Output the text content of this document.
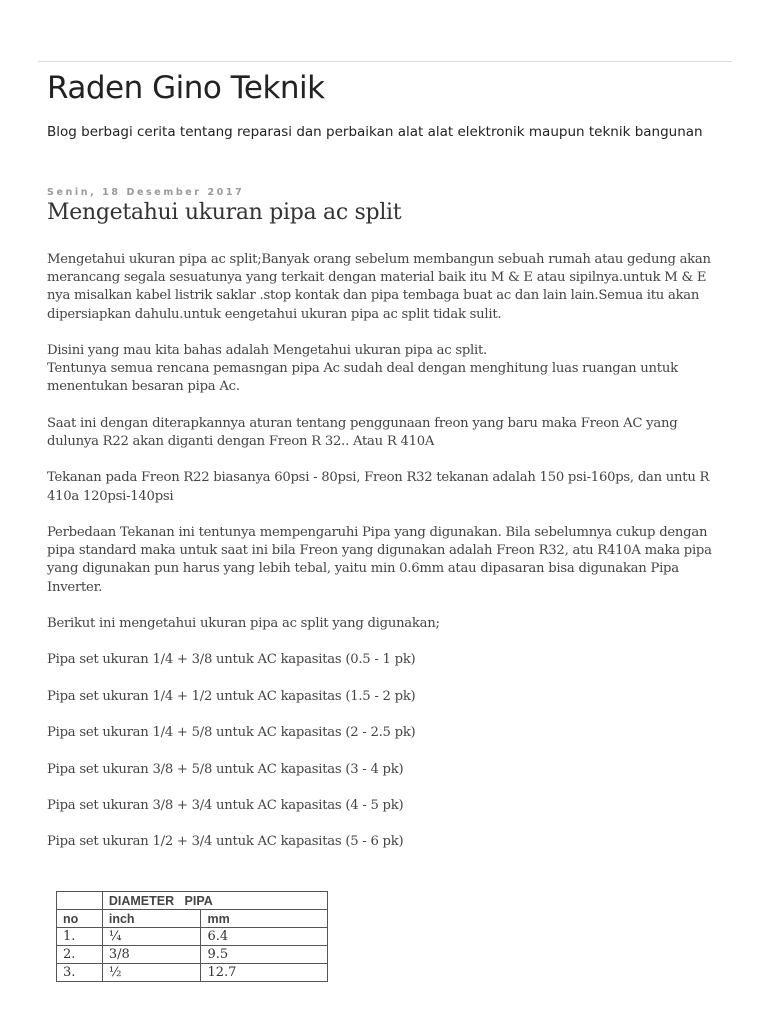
Raden Gino Teknik

Blog berbagi cerita tentang reparasi dan perbaikan alat alat elektronik maupun teknik bangunan

Senin, 18 Desember 2017
Mengetahui ukuran pipa ac split

Mengetahui ukuran pipa ac split;Banyak orang sebelum membangun sebuah rumah atau gedung akan merancang segala sesuatunya yang terkait dengan material baik itu M & E atau sipilnya.untuk M & E nya misalkan kabel listrik saklar .stop kontak dan pipa tembaga buat ac dan lain lain.Semua itu akan dipersiapkan dahulu.untuk eengetahui ukuran pipa ac split tidak sulit.

Disini yang mau kita bahas adalah Mengetahui ukuran pipa ac split.
Tentunya semua rencana pemasngan pipa Ac sudah deal dengan menghitung luas ruangan untuk menentukan besaran pipa Ac.

Saat ini dengan diterapkannya aturan tentang penggunaan freon yang baru maka Freon AC yang dulunya R22 akan diganti dengan Freon R 32.. Atau R 410A

Tekanan pada Freon R22 biasanya 60psi - 80psi, Freon R32 tekanan adalah 150 psi-160ps, dan untu R 410a 120psi-140psi

Perbedaan Tekanan ini tentunya mempengaruhi Pipa yang digunakan. Bila sebelumnya cukup dengan pipa standard maka untuk saat ini bila Freon yang digunakan adalah Freon R32, atu R410A maka pipa yang digunakan pun harus yang lebih tebal, yaitu min 0.6mm atau dipasaran bisa digunakan Pipa Inverter.

Berikut ini mengetahui ukuran pipa ac split yang digunakan;

Pipa set ukuran 1/4 + 3/8 untuk AC kapasitas (0.5 - 1 pk)

Pipa set ukuran 1/4 + 1/2 untuk AC kapasitas (1.5 - 2 pk)

Pipa set ukuran 1/4 + 5/8 untuk AC kapasitas (2 - 2.5 pk)

Pipa set ukuran 3/8 + 5/8 untuk AC kapasitas (3 - 4 pk)

Pipa set ukuran 3/8 + 3/4 untuk AC kapasitas (4 - 5 pk)

Pipa set ukuran 1/2 + 3/4 untuk AC kapasitas (5 - 6 pk)

	DIAMETER   PIPA	
no	inch	mm
1.	¼	6.4
2.	3/8	9.5
3.	½	12.7
